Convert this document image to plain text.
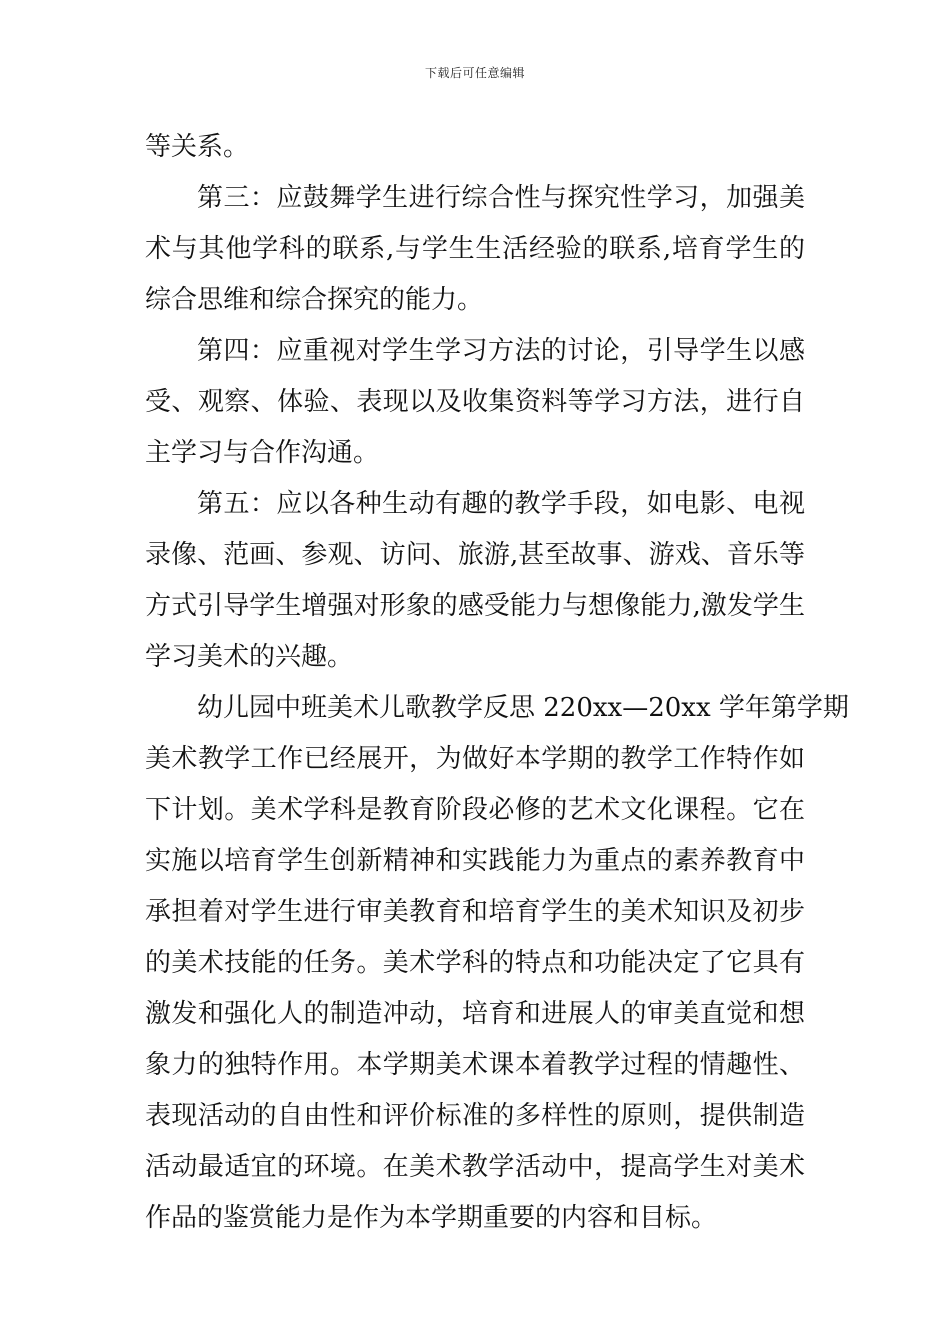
下载后可任意编辑
等关系。
第三：应鼓舞学生进行综合性与探究性学习，加强美
术与其他学科的联系,与学生生活经验的联系,培育学生的
综合思维和综合探究的能力。
第四：应重视对学生学习方法的讨论，引导学生以感
受、观察、体验、表现以及收集资料等学习方法，进行自
主学习与合作沟通。
第五：应以各种生动有趣的教学手段，如电影、电视
录像、范画、参观、访问、旅游,甚至故事、游戏、音乐等
方式引导学生增强对形象的感受能力与想像能力,激发学生
学习美术的兴趣。
幼儿园中班美术儿歌教学反思 220xx—20xx 学年第学期
美术教学工作已经展开，为做好本学期的教学工作特作如
下计划。美术学科是教育阶段必修的艺术文化课程。它在
实施以培育学生创新精神和实践能力为重点的素养教育中
承担着对学生进行审美教育和培育学生的美术知识及初步
的美术技能的任务。美术学科的特点和功能决定了它具有
激发和强化人的制造冲动，培育和进展人的审美直觉和想
象力的独特作用。本学期美术课本着教学过程的情趣性、
表现活动的自由性和评价标准的多样性的原则，提供制造
活动最适宜的环境。在美术教学活动中，提高学生对美术
作品的鉴赏能力是作为本学期重要的内容和目标。
